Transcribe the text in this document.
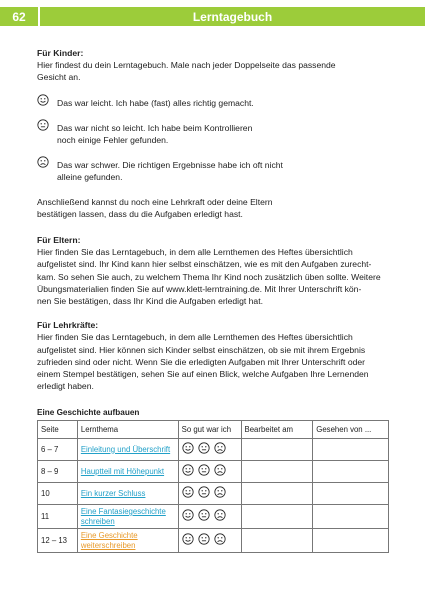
62	Lerntagebuch

Für Kinder:

Hier findest du dein Lerntagebuch. Male nach jeder Doppelseite das passende

Gesicht an.

Das war leicht. Ich habe (fast) alles richtig gemacht.

Das war nicht so leicht. Ich habe beim Kontrollieren

noch einige Fehler gefunden.

Das war schwer. Die richtigen Ergebnisse habe ich oft nicht

alleine gefunden.

Anschließend kannst du noch eine Lehrkraft oder deine Eltern

bestätigen lassen, dass du die Aufgaben erledigt hast.

Für Eltern:

Hier finden Sie das Lerntagebuch, in dem alle Lernthemen des Heftes übersichtlich

aufgelistet sind. Ihr Kind kann hier selbst einschätzen, wie es mit den Aufgaben zurecht-

kam. So sehen Sie auch, zu welchem Thema Ihr Kind noch zusätzlich üben sollte. Weitere

Übungsmaterialien finden Sie auf www.klett-lerntraining.de. Mit Ihrer Unterschrift kön-

nen Sie bestätigen, dass Ihr Kind die Aufgaben erledigt hat.

Für Lehrkräfte:

Hier finden Sie das Lerntagebuch, in dem alle Lernthemen des Heftes übersichtlich

aufgelistet sind. Hier können sich Kinder selbst einschätzen, ob sie mit ihrem Ergebnis

zufrieden sind oder nicht. Wenn Sie die erledigten Aufgaben mit Ihrer Unterschrift oder

einem Stempel bestätigen, sehen Sie auf einen Blick, welche Aufgaben Ihre Lernenden

erledigt haben.

Eine Geschichte aufbauen
Seite	Lernthema	So gut war ich	Bearbeitet am	Gesehen von ...
6 – 7	Einleitung und Überschrift	

8 – 9	Hauptteil mit Höhepunkt	

10	Ein kurzer Schluss	

11	Eine Fantasiegeschichte
schreiben	

12 – 13	Eine Geschichte
weiterschreiben	
